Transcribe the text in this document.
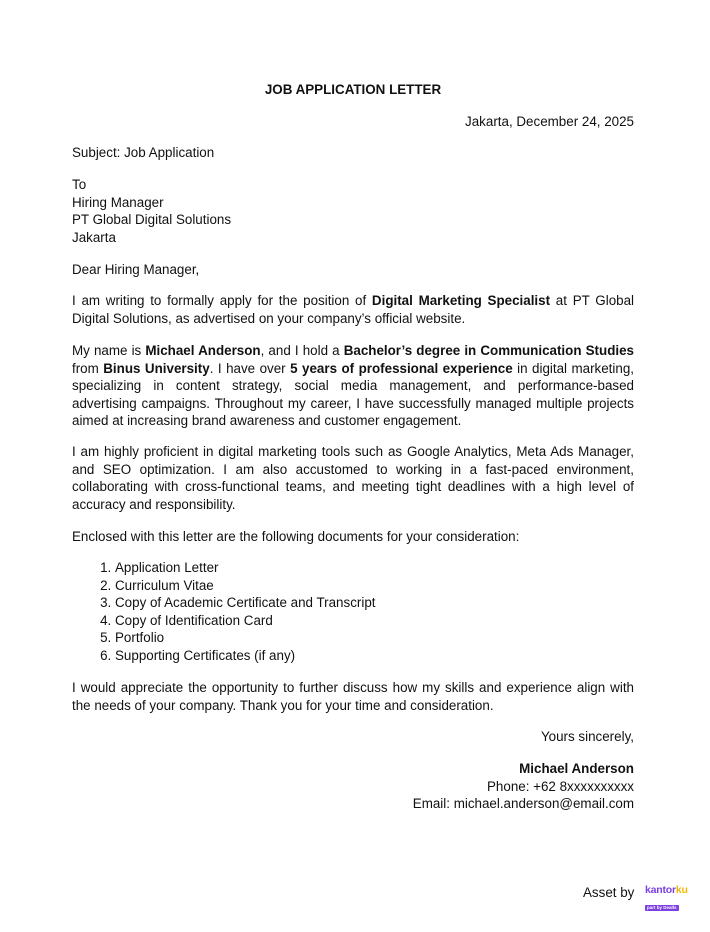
JOB APPLICATION LETTER
Jakarta, December 24, 2025

Subject: Job Application

To

Hiring Manager

PT Global Digital Solutions

Jakarta

Dear Hiring Manager,

I am writing to formally apply for the position of Digital Marketing Specialist at PT Global Digital Solutions, as advertised on your company’s official website.

My name is Michael Anderson, and I hold a Bachelor’s degree in Communication Studies from Binus University. I have over 5 years of professional experience in digital marketing, specializing in content strategy, social media management, and performance-based advertising campaigns. Throughout my career, I have successfully managed multiple projects aimed at increasing brand awareness and customer engagement.

I am highly proficient in digital marketing tools such as Google Analytics, Meta Ads Manager, and SEO optimization. I am also accustomed to working in a fast-paced environment, collaborating with cross-functional teams, and meeting tight deadlines with a high level of accuracy and responsibility.

Enclosed with this letter are the following documents for your consideration:

1. Application Letter
2. Curriculum Vitae
3. Copy of Academic Certificate and Transcript
4. Copy of Identification Card
5. Portfolio
6. Supporting Certificates (if any)

I would appreciate the opportunity to further discuss how my skills and experience align with the needs of your company. Thank you for your time and consideration.

Yours sincerely,

Michael Anderson

Phone: +62 8xxxxxxxxxx

Email: michael.anderson@email.com

Asset by kantorku
part by Dealls
